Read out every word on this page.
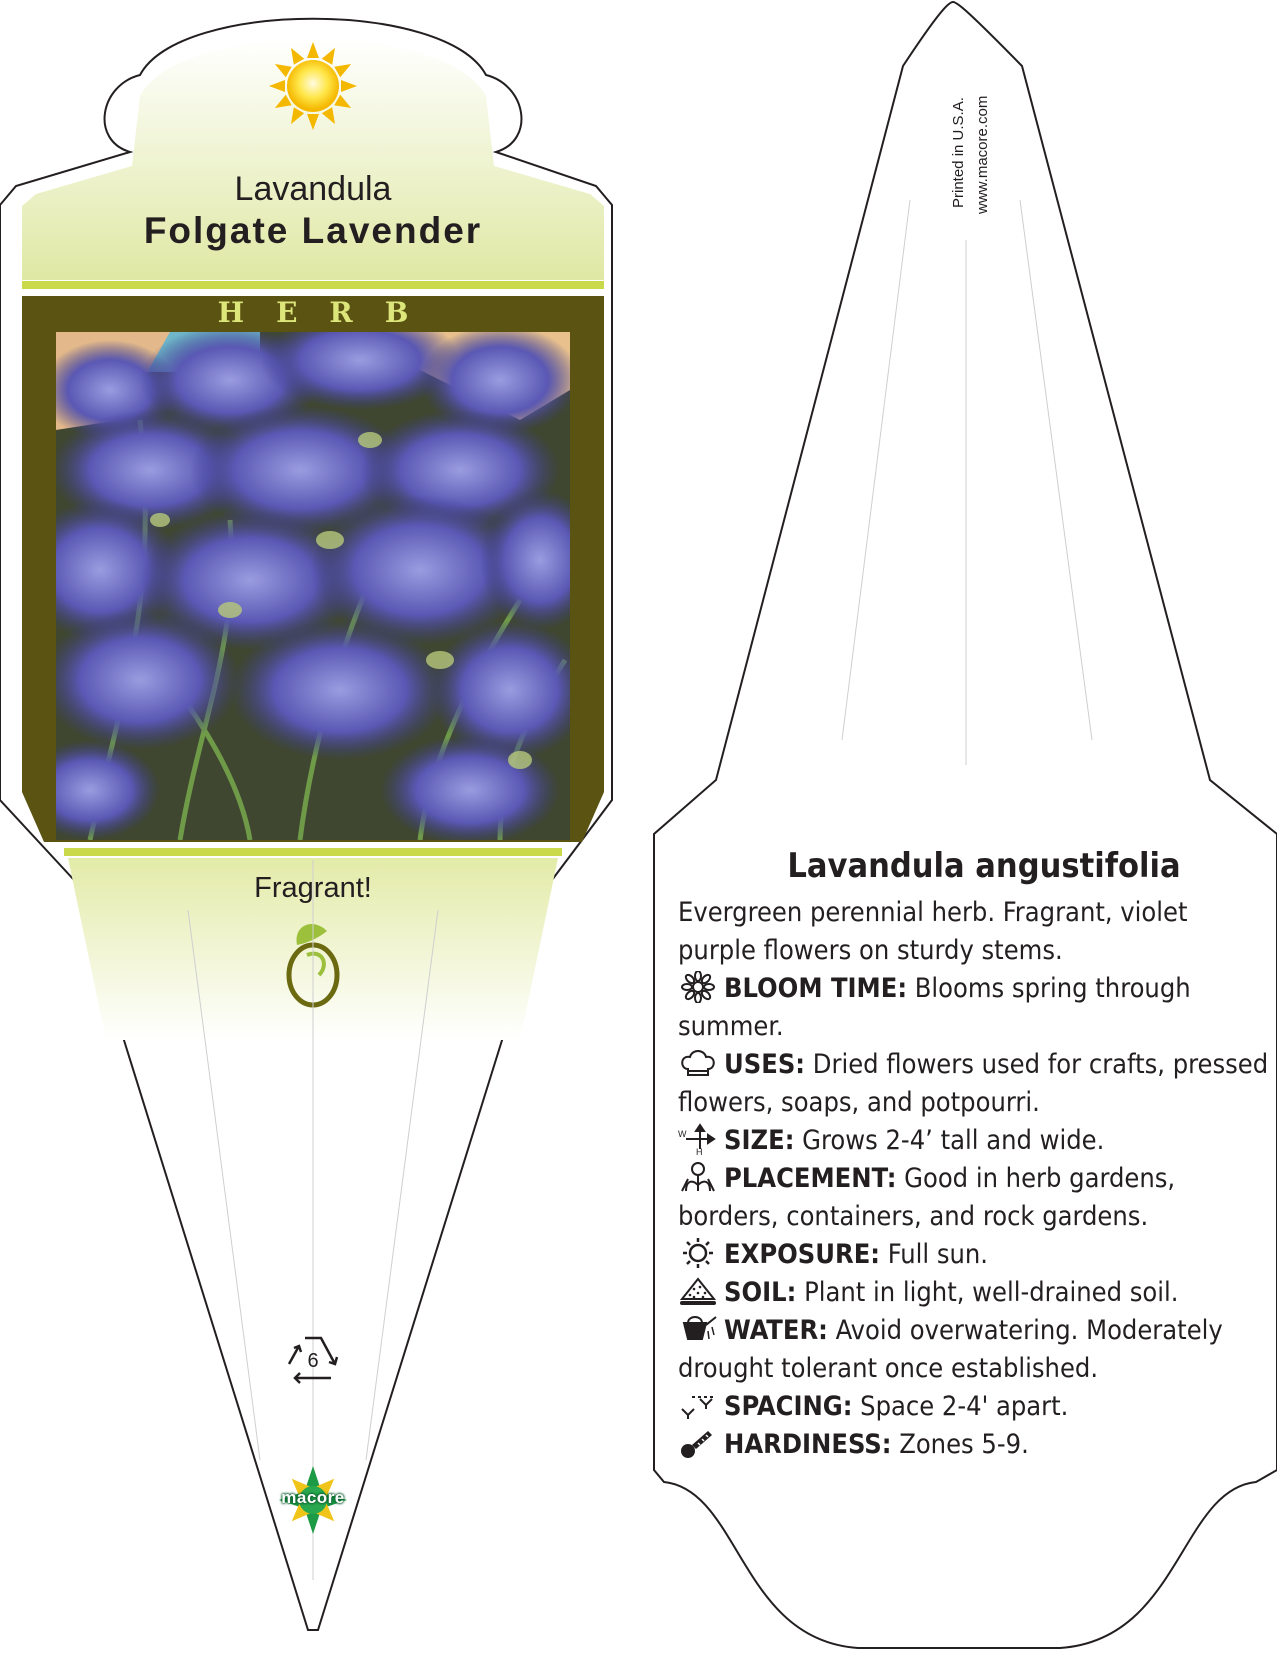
Lavandula
Folgate Lavender
HERB
Fragrant!
6
macore
Printed in U.S.A. www.macore.com
Lavandula angustifolia
Evergreen perennial herb. Fragrant, violet purple flowers on sturdy stems.
BLOOM TIME: Blooms spring through summer.
USES: Dried flowers used for crafts, pressed flowers, soaps, and potpourri.
W
H SIZE: Grows 2-4’ tall and wide.
PLACEMENT: Good in herb gardens, borders, containers, and rock gardens.
EXPOSURE: Full sun.
SOIL: Plant in light, well-drained soil.
WATER: Avoid overwatering. Moderately drought tolerant once established.
SPACING: Space 2-4' apart.
HARDINESS: Zones 5-9.
